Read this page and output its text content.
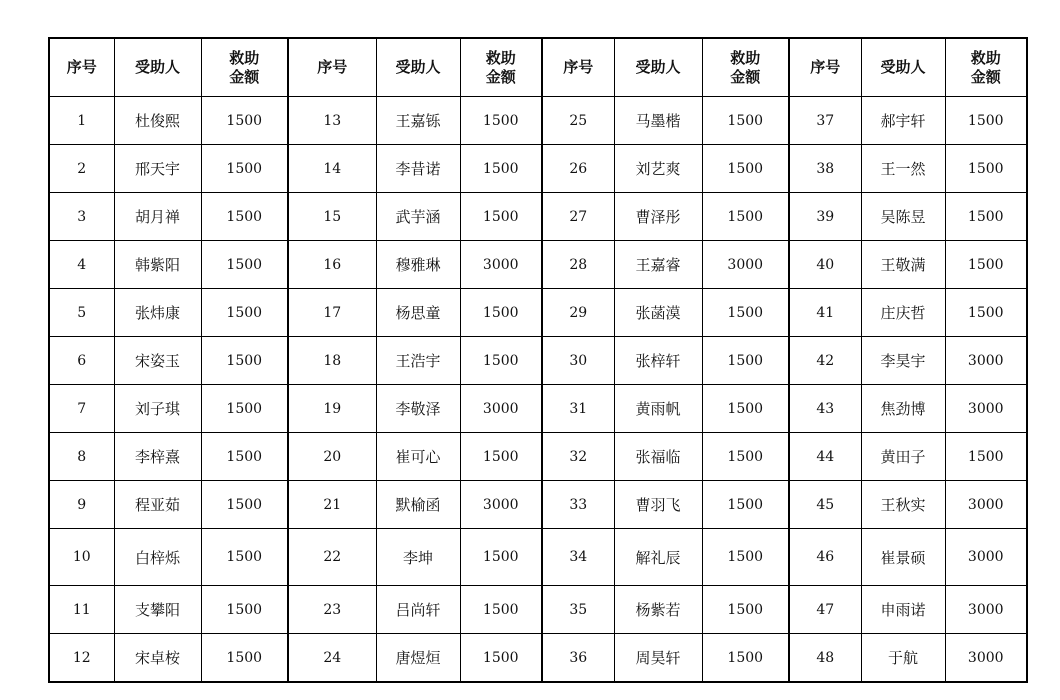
序号	受助人	救助金额	序号	受助人	救助金额	序号	受助人	救助金额	序号	受助人	救助金额
1	杜俊熙	1500	13	王嘉铄	1500	25	马墨楷	1500	37	郝宇轩	1500
2	邢天宇	1500	14	李昔诺	1500	26	刘艺爽	1500	38	王一然	1500
3	胡月禅	1500	15	武芋涵	1500	27	曹泽彤	1500	39	吴陈昱	1500
4	韩紫阳	1500	16	穆雅琳	3000	28	王嘉睿	3000	40	王敬满	1500
5	张炜康	1500	17	杨思童	1500	29	张菡漠	1500	41	庄庆哲	1500
6	宋姿玉	1500	18	王浩宇	1500	30	张梓轩	1500	42	李昊宇	3000
7	刘子琪	1500	19	李敬泽	3000	31	黄雨帆	1500	43	焦劲博	3000
8	李梓熹	1500	20	崔可心	1500	32	张福临	1500	44	黄田子	1500
9	程亚茹	1500	21	默榆函	3000	33	曹羽飞	1500	45	王秋实	3000
10	白梓烁	1500	22	李坤	1500	34	解礼辰	1500	46	崔景硕	3000
11	支攀阳	1500	23	吕尚轩	1500	35	杨紫若	1500	47	申雨诺	3000
12	宋卓桉	1500	24	唐煜烜	1500	36	周昊轩	1500	48	于航	3000
